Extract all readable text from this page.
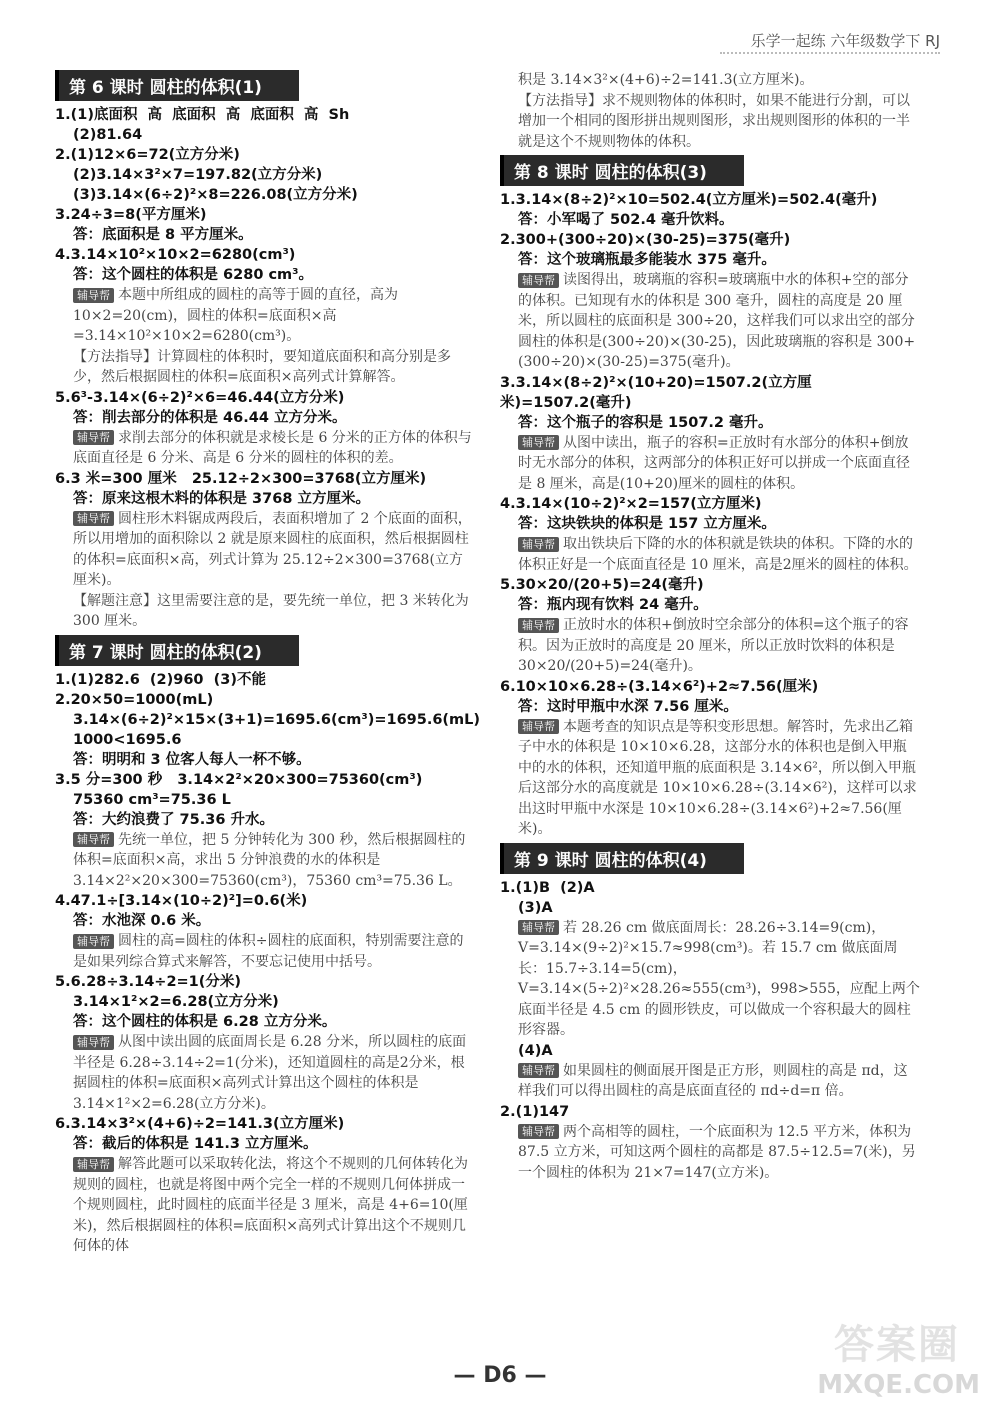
乐学一起练 六年级数学下 RJ
第 6 课时 圆柱的体积(1)
1.(1)底面积  高  底面积  高  底面积  高  Sh
(2)81.64
2.(1)12×6=72(立方分米)
(2)3.14×3²×7=197.82(立方分米)
(3)3.14×(6÷2)²×8=226.08(立方分米)
3.24÷3=8(平方厘米)
答：底面积是 8 平方厘米。
4.3.14×10²×10×2=6280(cm³)
答：这个圆柱的体积是 6280 cm³。
辅导帮 本题中所组成的圆柱的高等于圆的直径，高为10×2=20(cm)，圆柱的体积=底面积×高=3.14×10²×10×2=6280(cm³)。
【方法指导】计算圆柱的体积时，要知道底面积和高分别是多少，然后根据圆柱的体积=底面积×高列式计算解答。
5.6³-3.14×(6÷2)²×6=46.44(立方分米)
答：削去部分的体积是 46.44 立方分米。
辅导帮 求削去部分的体积就是求棱长是 6 分米的正方体的体积与底面直径是 6 分米、高是 6 分米的圆柱的体积的差。
6.3 米=300 厘米   25.12÷2×300=3768(立方厘米)
答：原来这根木料的体积是 3768 立方厘米。
辅导帮 圆柱形木料锯成两段后，表面积增加了 2 个底面的面积，所以用增加的面积除以 2 就是原来圆柱的底面积，然后根据圆柱的体积=底面积×高，列式计算为 25.12÷2×300=3768(立方厘米)。
【解题注意】这里需要注意的是，要先统一单位，把 3 米转化为 300 厘米。
第 7 课时 圆柱的体积(2)
1.(1)282.6  (2)960  (3)不能
2.20×50=1000(mL)
3.14×(6÷2)²×15×(3+1)=1695.6(cm³)=1695.6(mL)
1000<1695.6
答：明明和 3 位客人每人一杯不够。
3.5 分=300 秒   3.14×2²×20×300=75360(cm³)
75360 cm³=75.36 L
答：大约浪费了 75.36 升水。
辅导帮 先统一单位，把 5 分钟转化为 300 秒，然后根据圆柱的体积=底面积×高，求出 5 分钟浪费的水的体积是 3.14×2²×20×300=75360(cm³)，75360 cm³=75.36 L。
4.47.1÷[3.14×(10÷2)²]=0.6(米)
答：水池深 0.6 米。
辅导帮 圆柱的高=圆柱的体积÷圆柱的底面积，特别需要注意的是如果列综合算式来解答，不要忘记使用中括号。
5.6.28÷3.14÷2=1(分米)
3.14×1²×2=6.28(立方分米)
答：这个圆柱的体积是 6.28 立方分米。
辅导帮 从图中读出圆的底面周长是 6.28 分米，所以圆柱的底面半径是 6.28÷3.14÷2=1(分米)，还知道圆柱的高是2分米，根据圆柱的体积=底面积×高列式计算出这个圆柱的体积是 3.14×1²×2=6.28(立方分米)。
6.3.14×3²×(4+6)÷2=141.3(立方厘米)
答：截后的体积是 141.3 立方厘米。
辅导帮 解答此题可以采取转化法，将这个不规则的几何体转化为规则的圆柱，也就是将图中两个完全一样的不规则几何体拼成一个规则圆柱，此时圆柱的底面半径是 3 厘米，高是 4+6=10(厘米)，然后根据圆柱的体积=底面积×高列式计算出这个不规则几何体的体
积是 3.14×3²×(4+6)÷2=141.3(立方厘米)。
【方法指导】求不规则物体的体积时，如果不能进行分割，可以增加一个相同的图形拼出规则图形，求出规则图形的体积的一半就是这个不规则物体的体积。
第 8 课时 圆柱的体积(3)
1.3.14×(8÷2)²×10=502.4(立方厘米)=502.4(毫升)
答：小军喝了 502.4 毫升饮料。
2.300+(300÷20)×(30-25)=375(毫升)
答：这个玻璃瓶最多能装水 375 毫升。
辅导帮 读图得出，玻璃瓶的容积=玻璃瓶中水的体积+空的部分的体积。已知现有水的体积是 300 毫升，圆柱的高度是 20 厘米，所以圆柱的底面积是 300÷20，这样我们可以求出空的部分圆柱的体积是(300÷20)×(30-25)，因此玻璃瓶的容积是 300+(300÷20)×(30-25)=375(毫升)。
3.3.14×(8÷2)²×(10+20)=1507.2(立方厘米)=1507.2(毫升)
答：这个瓶子的容积是 1507.2 毫升。
辅导帮 从图中读出，瓶子的容积=正放时有水部分的体积+倒放时无水部分的体积，这两部分的体积正好可以拼成一个底面直径是 8 厘米，高是(10+20)厘米的圆柱的体积。
4.3.14×(10÷2)²×2=157(立方厘米)
答：这块铁块的体积是 157 立方厘米。
辅导帮 取出铁块后下降的水的体积就是铁块的体积。下降的水的体积正好是一个底面直径是 10 厘米，高是2厘米的圆柱的体积。
5.30×20/(20+5)=24(毫升)
答：瓶内现有饮料 24 毫升。
辅导帮 正放时水的体积+倒放时空余部分的体积=这个瓶子的容积。因为正放时的高度是 20 厘米，所以正放时饮料的体积是 30×20/(20+5)=24(毫升)。
6.10×10×6.28÷(3.14×6²)+2≈7.56(厘米)
答：这时甲瓶中水深 7.56 厘米。
辅导帮 本题考查的知识点是等积变形思想。解答时，先求出乙箱子中水的体积是 10×10×6.28，这部分水的体积也是倒入甲瓶中的水的体积，还知道甲瓶的底面积是 3.14×6²，所以倒入甲瓶后这部分水的高度就是 10×10×6.28÷(3.14×6²)，这样可以求出这时甲瓶中水深是 10×10×6.28÷(3.14×6²)+2≈7.56(厘米)。
第 9 课时 圆柱的体积(4)
1.(1)B  (2)A
(3)A
辅导帮 若 28.26 cm 做底面周长：28.26÷3.14=9(cm)，V=3.14×(9÷2)²×15.7≈998(cm³)。若 15.7 cm 做底面周长：15.7÷3.14=5(cm)，V=3.14×(5÷2)²×28.26≈555(cm³)，998>555，应配上两个底面半径是 4.5 cm 的圆形铁皮，可以做成一个容积最大的圆柱形容器。
(4)A
辅导帮 如果圆柱的侧面展开图是正方形，则圆柱的高是 πd，这样我们可以得出圆柱的高是底面直径的 πd÷d=π 倍。
2.(1)147
辅导帮 两个高相等的圆柱，一个底面积为 12.5 平方米，体积为 87.5 立方米，可知这两个圆柱的高都是 87.5÷12.5=7(米)，另一个圆柱的体积为 21×7=147(立方米)。
— D6 —
答案圈
MXQE.COM
